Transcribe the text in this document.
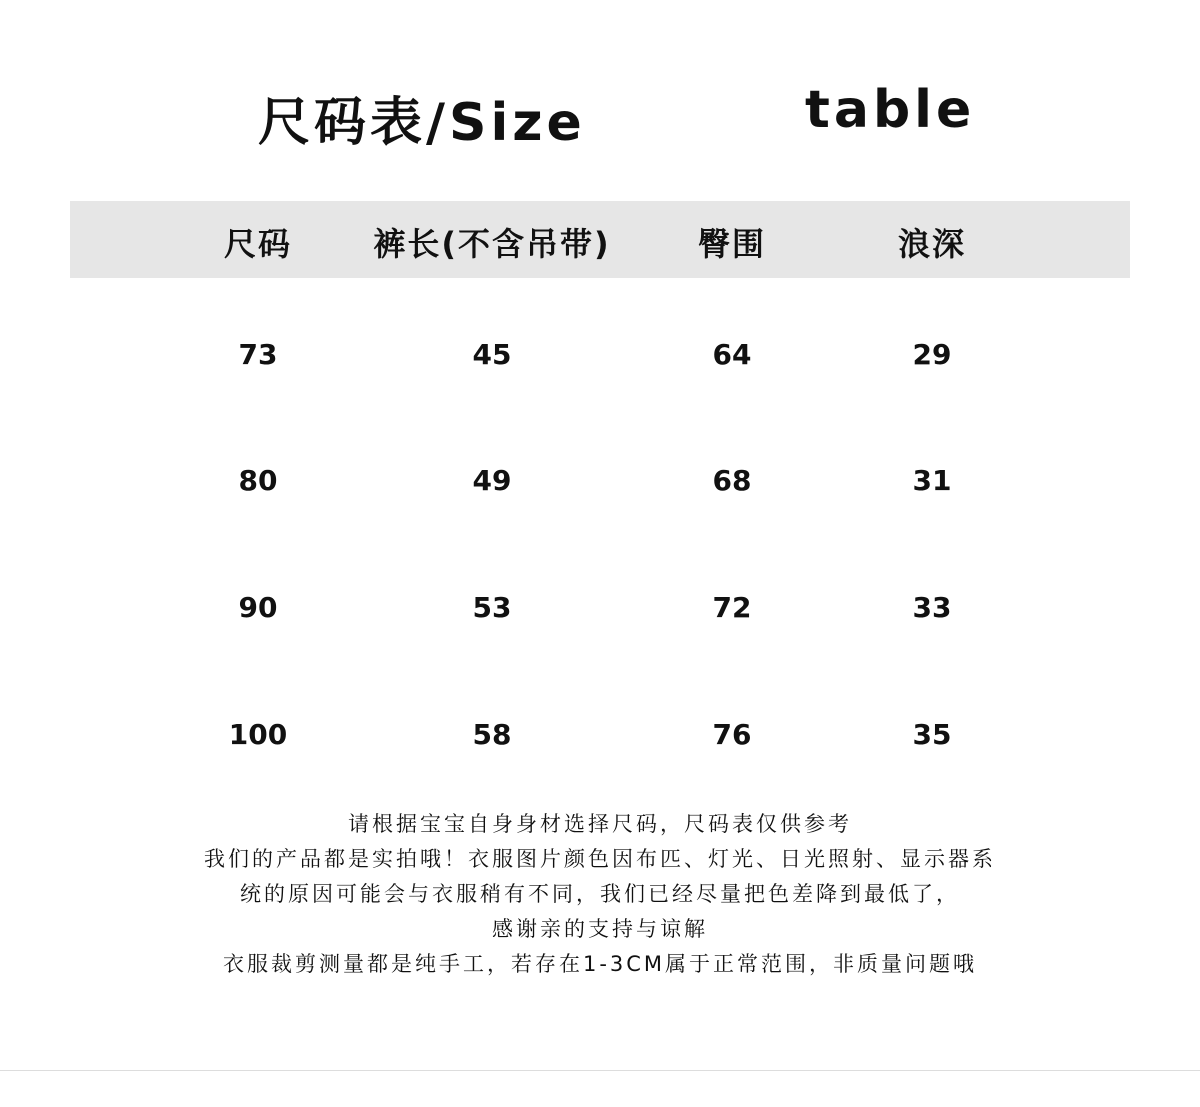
尺码表/Size	table
尺码	裤长(不含吊带)	臀围	浪深
73	45	64	29
80	49	68	31
90	53	72	33
100	58	76	35
请根据宝宝自身身材选择尺码，尺码表仅供参考
我们的产品都是实拍哦！衣服图片颜色因布匹、灯光、日光照射、显示器系
统的原因可能会与衣服稍有不同，我们已经尽量把色差降到最低了，
感谢亲的支持与谅解
衣服裁剪测量都是纯手工，若存在1-3CM属于正常范围，非质量问题哦
